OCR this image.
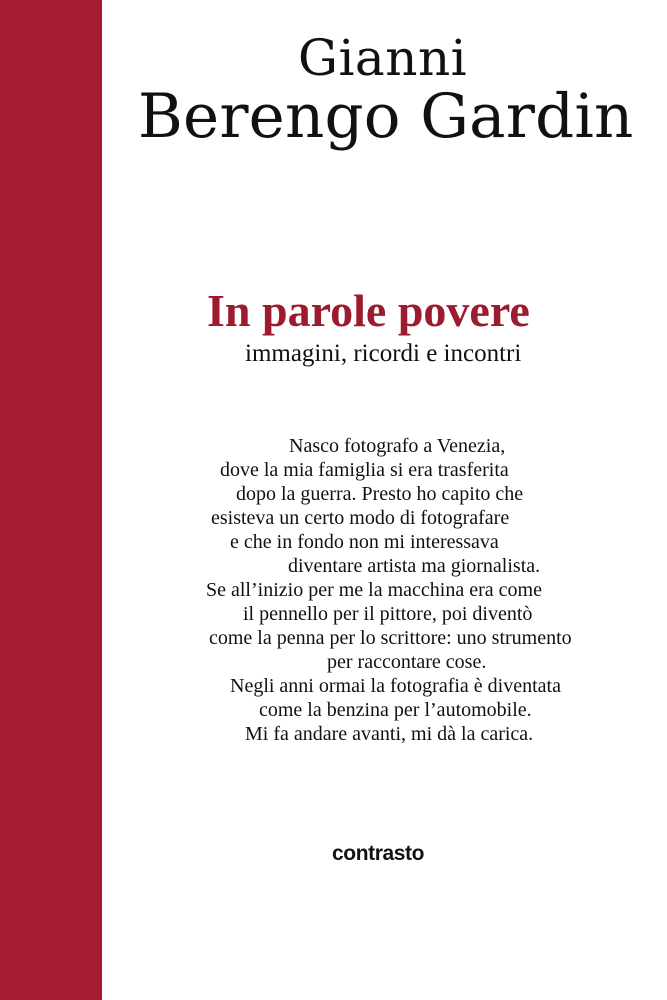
Gianni
Berengo Gardin
In parole povere
immagini, ricordi e incontri
Nasco fotografo a Venezia,
dove la mia famiglia si era trasferita
dopo la guerra. Presto ho capito che
esisteva un certo modo di fotografare
e che in fondo non mi interessava
diventare artista ma giornalista.
Se all’inizio per me la macchina era come
il pennello per il pittore, poi diventò
come la penna per lo scrittore: uno strumento
per raccontare cose.
Negli anni ormai la fotografia è diventata
come la benzina per l’automobile.
Mi fa andare avanti, mi dà la carica.
contrasto
